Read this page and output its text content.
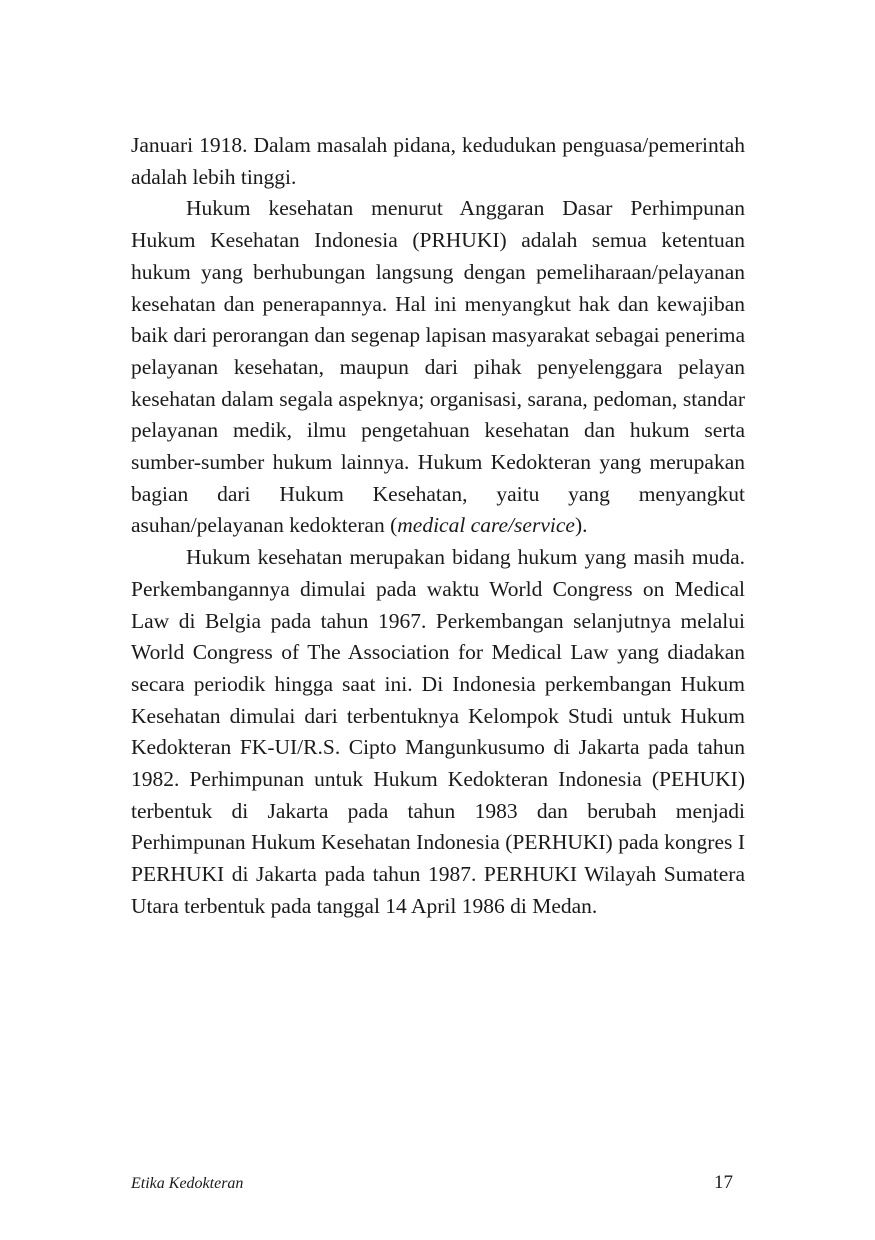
Januari 1918. Dalam masalah pidana, kedudukan penguasa/pemerintah adalah lebih tinggi.

Hukum kesehatan menurut Anggaran Dasar Perhimpunan Hukum Kesehatan Indonesia (PRHUKI) adalah semua ketentuan hukum yang berhubungan langsung dengan pemeliharaan/pelayanan kesehatan dan penerapannya. Hal ini menyangkut hak dan kewajiban baik dari perorangan dan segenap lapisan masyarakat sebagai penerima pelayanan kesehatan, maupun dari pihak penyelenggara pelayan kesehatan dalam segala aspeknya; organisasi, sarana, pedoman, standar pelayanan medik, ilmu pengetahuan kesehatan dan hukum serta sumber-sumber hukum lainnya. Hukum Kedokteran yang merupakan bagian dari Hukum Kesehatan, yaitu yang menyangkut asuhan/pelayanan kedokteran (medical care/service).

Hukum kesehatan merupakan bidang hukum yang masih muda. Perkembangannya dimulai pada waktu World Congress on Medical Law di Belgia pada tahun 1967. Perkembangan selanjutnya melalui World Congress of The Association for Medical Law yang diadakan secara periodik hingga saat ini. Di Indonesia perkembangan Hukum Kesehatan dimulai dari terbentuknya Kelompok Studi untuk Hukum Kedokteran FK-UI/R.S. Cipto Mangunkusumo di Jakarta pada tahun 1982. Perhimpunan untuk Hukum Kedokteran Indonesia (PEHUKI) terbentuk di Jakarta pada tahun 1983 dan berubah menjadi Perhimpunan Hukum Kesehatan Indonesia (PERHUKI) pada kongres I PERHUKI di Jakarta pada tahun 1987. PERHUKI Wilayah Sumatera Utara terbentuk pada tanggal 14 April 1986 di Medan.

Etika Kedokteran	17
